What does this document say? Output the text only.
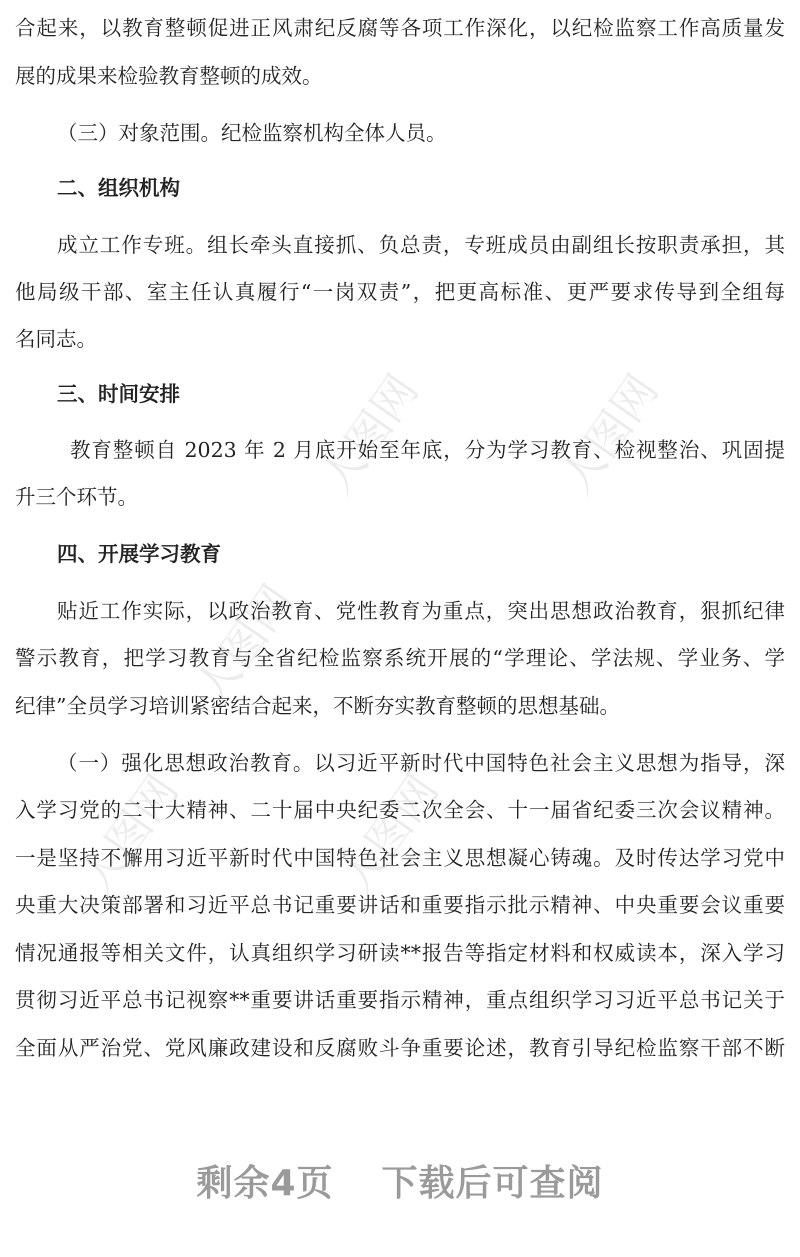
人图网	人图网
人图网
人图网	人图网
合起来，以教育整顿促进正风肃纪反腐等各项工作深化，以纪检监察工作高质量发
展的成果来检验教育整顿的成效。
（三）对象范围。纪检监察机构全体人员。
二、组织机构
成立工作专班。组长牵头直接抓、负总责，专班成员由副组长按职责承担，其
他局级干部、室主任认真履行“一岗双责”，把更高标准、更严要求传导到全组每
名同志。
三、时间安排
教育整顿自 2023 年 2 月底开始至年底，分为学习教育、检视整治、巩固提
升三个环节。
四、开展学习教育
贴近工作实际，以政治教育、党性教育为重点，突出思想政治教育，狠抓纪律
警示教育，把学习教育与全省纪检监察系统开展的“学理论、学法规、学业务、学
纪律”全员学习培训紧密结合起来，不断夯实教育整顿的思想基础。
（一）强化思想政治教育。以习近平新时代中国特色社会主义思想为指导，深
入学习党的二十大精神、二十届中央纪委二次全会、十一届省纪委三次会议精神。
一是坚持不懈用习近平新时代中国特色社会主义思想凝心铸魂。及时传达学习党中
央重大决策部署和习近平总书记重要讲话和重要指示批示精神、中央重要会议重要
情况通报等相关文件，认真组织学习研读**报告等指定材料和权威读本，深入学习
贯彻习近平总书记视察**重要讲话重要指示精神，重点组织学习习近平总书记关于
全面从严治党、党风廉政建设和反腐败斗争重要论述，教育引导纪检监察干部不断
剩余4页 下载后可查阅
